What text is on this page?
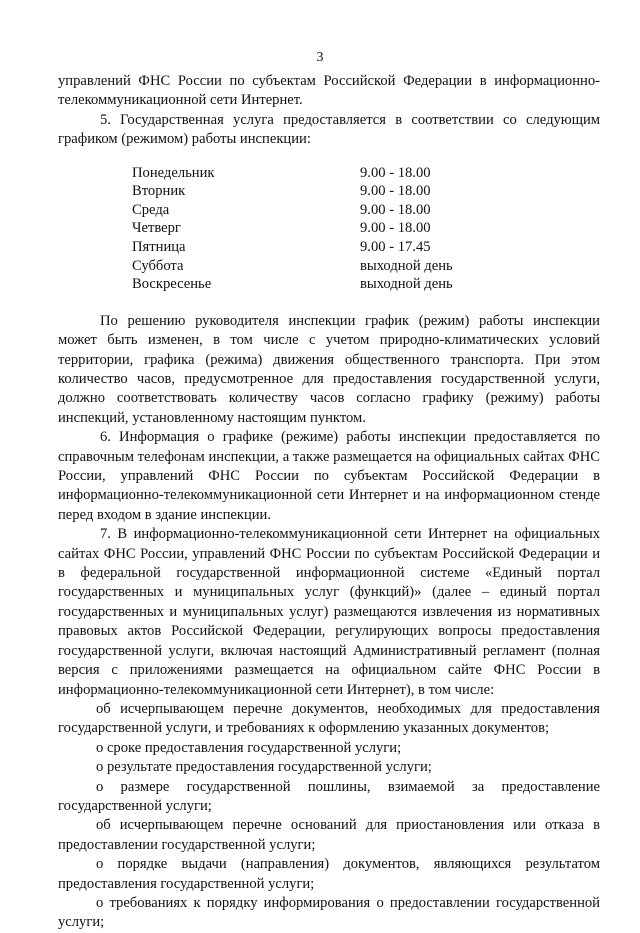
3

управлений ФНС России по субъектам Российской Федерации в информационно-телекоммуникационной сети Интернет.

5. Государственная услуга предоставляется в соответствии со следующим графиком (режимом) работы инспекции:

Понедельник	9.00 - 18.00
Вторник	9.00 - 18.00
Среда	9.00 - 18.00
Четверг	9.00 - 18.00
Пятница	9.00 - 17.45
Суббота	выходной день
Воскресенье	выходной день

По решению руководителя инспекции график (режим) работы инспекции может быть изменен, в том числе с учетом природно-климатических условий территории, графика (режима) движения общественного транспорта. При этом количество часов, предусмотренное для предоставления государственной услуги, должно соответствовать количеству часов согласно графику (режиму) работы инспекций, установленному настоящим пунктом.

6. Информация о графике (режиме) работы инспекции предоставляется по справочным телефонам инспекции, а также размещается на официальных сайтах ФНС России, управлений ФНС России по субъектам Российской Федерации в информационно-телекоммуникационной сети Интернет и на информационном стенде перед входом в здание инспекции.

7. В информационно-телекоммуникационной сети Интернет на официальных сайтах ФНС России, управлений ФНС России по субъектам Российской Федерации и в федеральной государственной информационной системе «Единый портал государственных и муниципальных услуг (функций)» (далее – единый портал государственных и муниципальных услуг) размещаются извлечения из нормативных правовых актов Российской Федерации, регулирующих вопросы предоставления государственной услуги, включая настоящий Административный регламент (полная версия с приложениями размещается на официальном сайте ФНС России в информационно-телекоммуникационной сети Интернет), в том числе:

об исчерпывающем перечне документов, необходимых для предоставления государственной услуги, и требованиях к оформлению указанных документов;

о сроке предоставления государственной услуги;

о результате предоставления государственной услуги;

о размере государственной пошлины, взимаемой за предоставление государственной услуги;

об исчерпывающем перечне оснований для приостановления или отказа в предоставлении государственной услуги;

о порядке выдачи (направления) документов, являющихся результатом предоставления государственной услуги;

о требованиях к порядку информирования о предоставлении государственной услуги;
